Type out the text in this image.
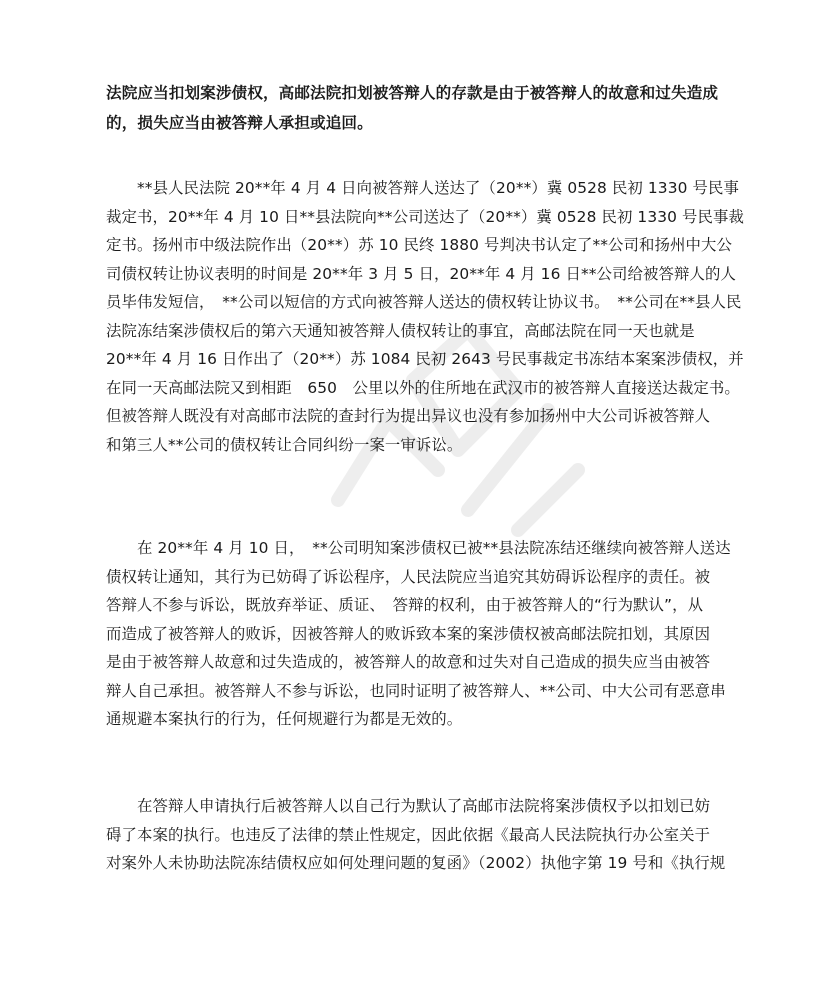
法院应当扣划案涉债权，高邮法院扣划被答辩人的存款是由于被答辩人的故意和过失造成
的，损失应当由被答辩人承担或追回。
　　**县人民法院 20**年 4 月 4 日向被答辩人送达了（20**）冀 0528 民初 1330 号民事
裁定书，20**年 4 月 10 日**县法院向**公司送达了（20**）冀 0528 民初 1330 号民事裁
定书。扬州市中级法院作出（20**）苏 10 民终 1880 号判决书认定了**公司和扬州中大公
司债权转让协议表明的时间是 20**年 3 月 5 日，20**年 4 月 16 日**公司给被答辩人的人
员毕伟发短信，　**公司以短信的方式向被答辩人送达的债权转让协议书。　**公司在**县人民
法院冻结案涉债权后的第六天通知被答辩人债权转让的事宜，高邮法院在同一天也就是
20**年 4 月 16 日作出了（20**）苏 1084 民初 2643 号民事裁定书冻结本案案涉债权，并
在同一天高邮法院又到相距　650　公里以外的住所地在武汉市的被答辩人直接送达裁定书。
但被答辩人既没有对高邮市法院的查封行为提出异议也没有参加扬州中大公司诉被答辩人
和第三人**公司的债权转让合同纠纷一案一审诉讼。
　　在 20**年 4 月 10 日，　**公司明知案涉债权已被**县法院冻结还继续向被答辩人送达
债权转让通知，其行为已妨碍了诉讼程序，人民法院应当追究其妨碍诉讼程序的责任。被
答辩人不参与诉讼，既放弃举证、质证、　答辩的权利，由于被答辩人的“行为默认”，从
而造成了被答辩人的败诉，因被答辩人的败诉致本案的案涉债权被高邮法院扣划，其原因
是由于被答辩人故意和过失造成的，被答辩人的故意和过失对自己造成的损失应当由被答
辩人自己承担。被答辩人不参与诉讼，也同时证明了被答辩人、**公司、中大公司有恶意串
通规避本案执行的行为，任何规避行为都是无效的。
　　在答辩人申请执行后被答辩人以自己行为默认了高邮市法院将案涉债权予以扣划已妨
碍了本案的执行。也违反了法律的禁止性规定，因此依据《最高人民法院执行办公室关于
对案外人未协助法院冻结债权应如何处理问题的复函》（2002）执他字第 19 号和《执行规
